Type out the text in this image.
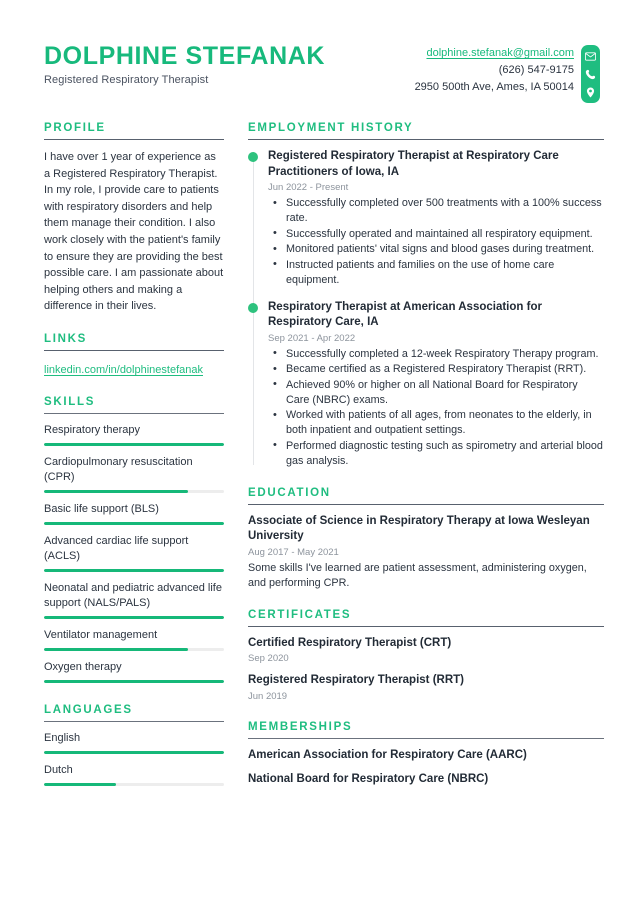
DOLPHINE STEFANAK
Registered Respiratory Therapist
dolphine.stefanak@gmail.com
(626) 547-9175
2950 500th Ave, Ames, IA 50014
PROFILE
I have over 1 year of experience as a Registered Respiratory Therapist. In my role, I provide care to patients with respiratory disorders and help them manage their condition. I also work closely with the patient's family to ensure they are providing the best possible care. I am passionate about helping others and making a difference in their lives.
LINKS
linkedin.com/in/dolphinestefanak
SKILLS
Respiratory therapy
Cardiopulmonary resuscitation (CPR)
Basic life support (BLS)
Advanced cardiac life support (ACLS)
Neonatal and pediatric advanced life support (NALS/PALS)
Ventilator management
Oxygen therapy
LANGUAGES
English
Dutch
EMPLOYMENT HISTORY
Registered Respiratory Therapist at Respiratory Care Practitioners of Iowa, IA
Jun 2022 - Present
• Successfully completed over 500 treatments with a 100% success rate.
• Successfully operated and maintained all respiratory equipment.
• Monitored patients' vital signs and blood gases during treatment.
• Instructed patients and families on the use of home care equipment.
Respiratory Therapist at American Association for Respiratory Care, IA
Sep 2021 - Apr 2022
• Successfully completed a 12-week Respiratory Therapy program.
• Became certified as a Registered Respiratory Therapist (RRT).
• Achieved 90% or higher on all National Board for Respiratory Care (NBRC) exams.
• Worked with patients of all ages, from neonates to the elderly, in both inpatient and outpatient settings.
• Performed diagnostic testing such as spirometry and arterial blood gas analysis.
EDUCATION
Associate of Science in Respiratory Therapy at Iowa Wesleyan University
Aug 2017 - May 2021
Some skills I've learned are patient assessment, administering oxygen, and performing CPR.
CERTIFICATES
Certified Respiratory Therapist (CRT)
Sep 2020
Registered Respiratory Therapist (RRT)
Jun 2019
MEMBERSHIPS
American Association for Respiratory Care (AARC)
National Board for Respiratory Care (NBRC)
